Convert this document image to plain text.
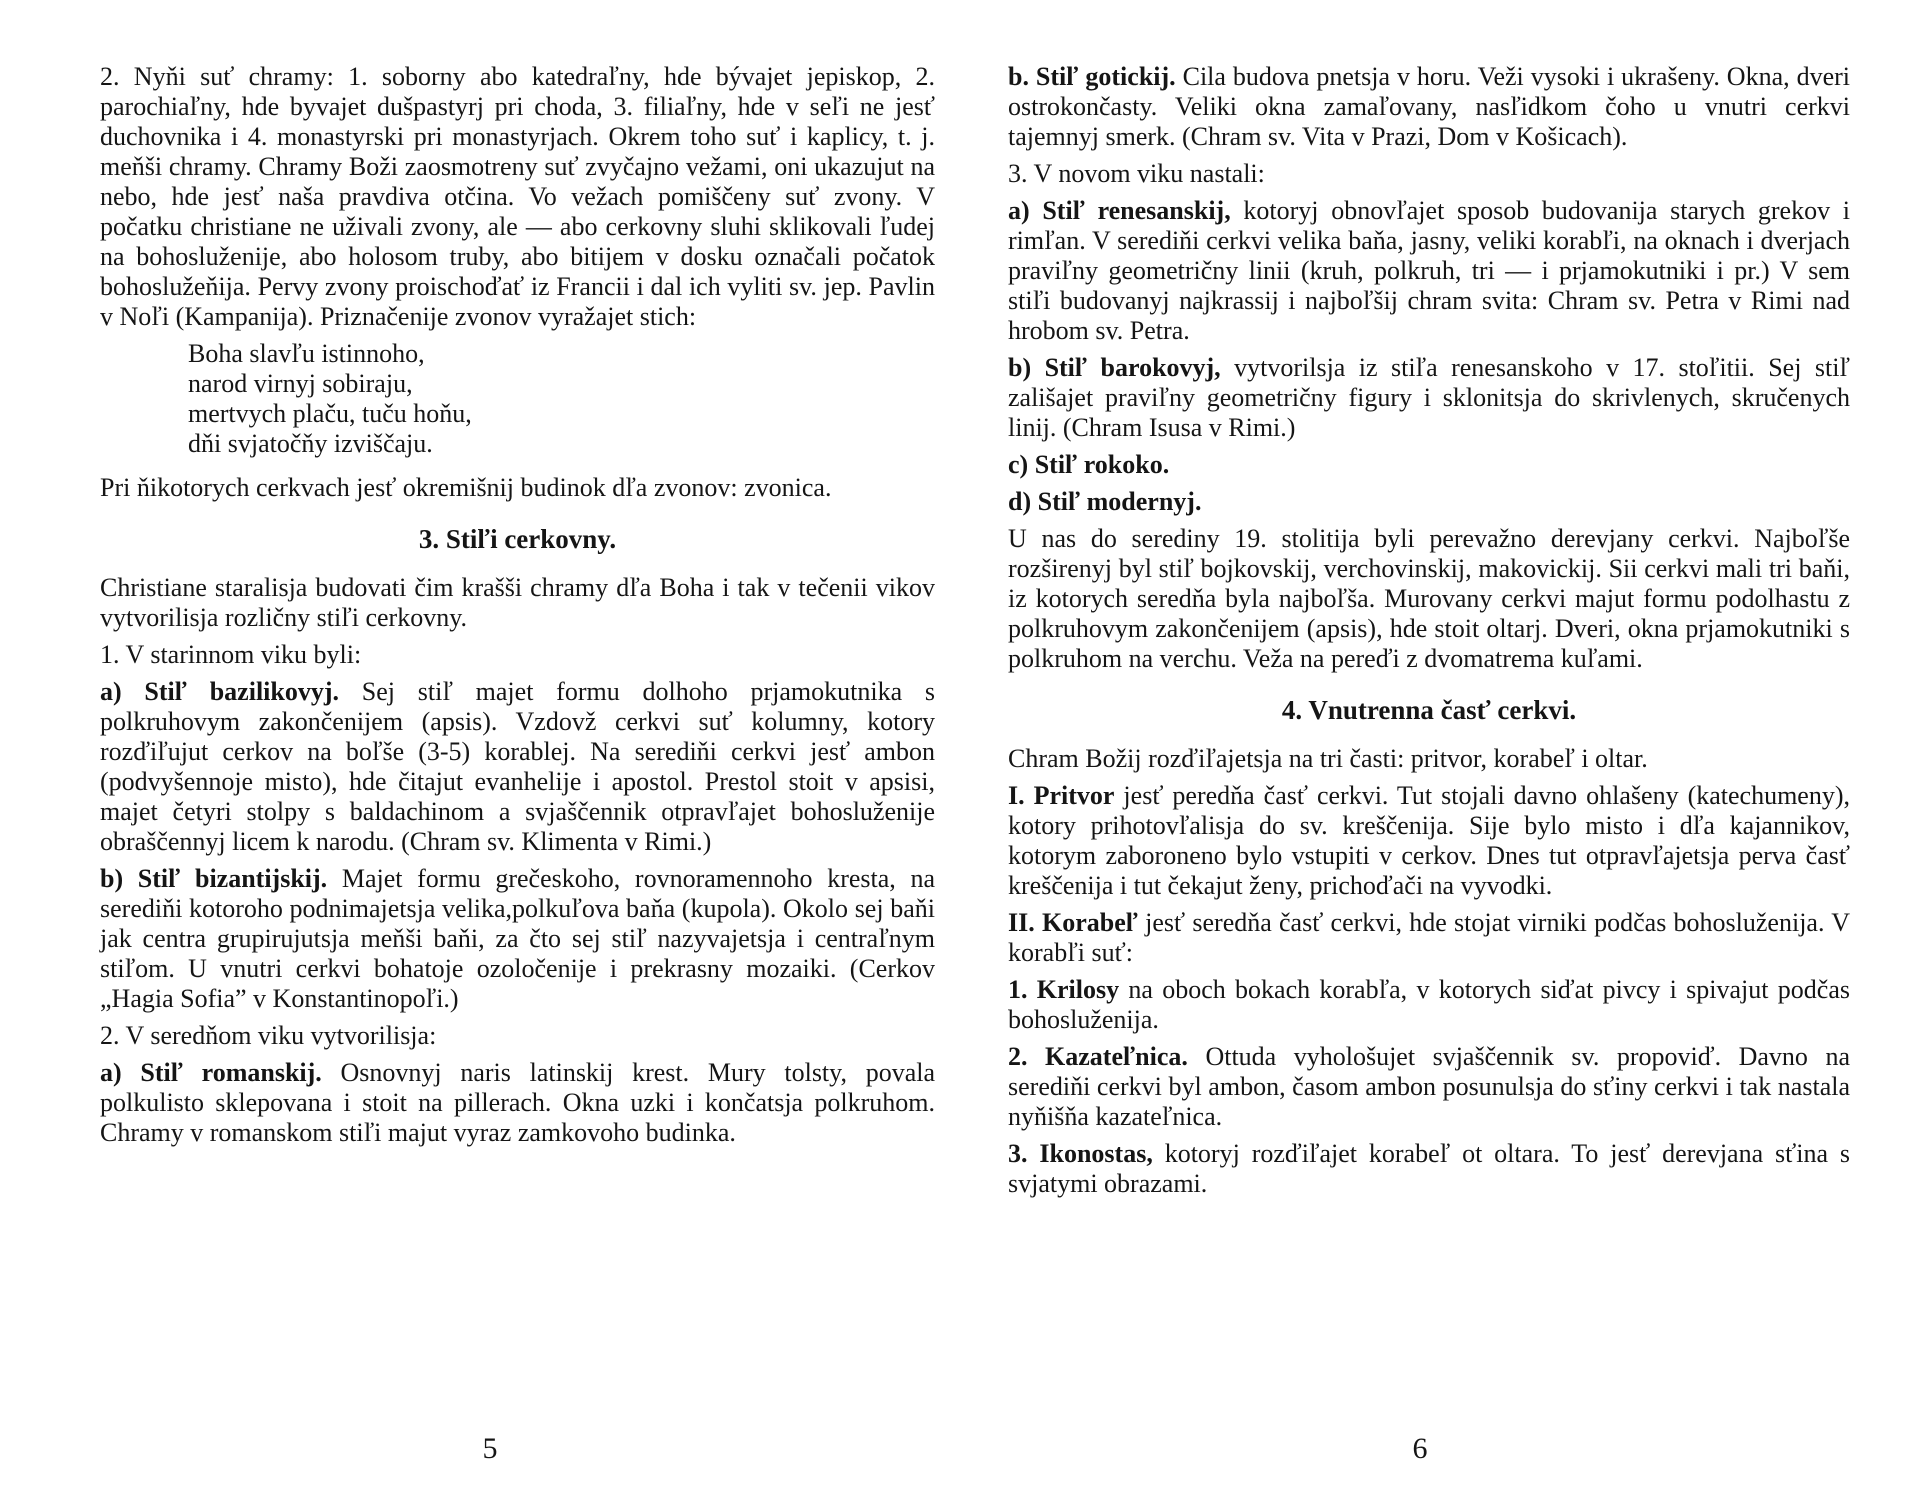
2. Nyňi suť chramy: 1. soborny abo katedraľny, hde bývajet jepiskop, 2. parochiaľny, hde byvajet dušpastyrj pri choda, 3. filiaľny, hde v seľi ne jesť duchovnika i 4. monastyrski pri monastyrjach. Okrem toho suť i kaplicy, t. j. meňši chramy. Chramy Boži zaosmotreny suť zvyčajno vežami, oni ukazujut na nebo, hde jesť naša pravdiva otčina. Vo vežach pomiščeny suť zvony. V počatku christiane ne uživali zvony, ale — abo cerkovny sluhi sklikovali ľudej na bohosluženije, abo holosom truby, abo bitijem v dosku označali počatok bohoslužeňija. Pervy zvony proischoďať iz Francii i dal ich vyliti sv. jep. Pavlin v Noľi (Kampanija). Priznačenije zvonov vyražajet stich:

Boha slavľu istinnoho,
narod virnyj sobiraju,
mertvych plaču, tuču hoňu,
dňi svjatočňy izviščaju.

Pri ňikotorych cerkvach jesť okremišnij budinok dľa zvonov: zvonica.

3. Stiľi cerkovny.

Christiane staralisja budovati čim krašši chramy dľa Boha i tak v tečenii vikov vytvorilisja rozličny stiľi cerkovny.

1. V starinnom viku byli:

a) Stiľ bazilikovyj. Sej stiľ majet formu dolhoho prjamokutnika s polkruhovym zakončenijem (apsis). Vzdovž cerkvi suť kolumny, kotory rozďiľujut cerkov na boľše (3-5) korablej. Na serediňi cerkvi jesť ambon (podvyšennoje misto), hde čitajut evanhelije i apostol. Prestol stoit v apsisi, majet četyri stolpy s baldachinom a svjaščennik otpravľajet bohosluženije obraščennyj licem k narodu. (Chram sv. Klimenta v Rimi.)

b) Stiľ bizantijskij. Majet formu grečeskoho, rovnoramennoho kresta, na serediňi kotoroho podnimajetsja velika,polkuľova baňa (kupola). Okolo sej baňi jak centra grupirujutsja meňši baňi, za čto sej stiľ nazyvajetsja i centraľnym stiľom. U vnutri cerkvi bohatoje ozoločenije i prekrasny mozaiki. (Cerkov „Hagia Sofia” v Konstantinopoľi.)

2. V seredňom viku vytvorilisja:

a) Stiľ romanskij. Osnovnyj naris latinskij krest. Mury tolsty, povala polkulisto sklepovana i stoit na pillerach. Okna uzki i končatsja polkruhom. Chramy v romanskom stiľi majut vyraz zamkovoho budinka.

b. Stiľ gotickij. Cila budova pnetsja v horu. Veži vysoki i ukrašeny. Okna, dveri ostrokončasty. Veliki okna zamaľovany, nasľidkom čoho u vnutri cerkvi tajemnyj smerk. (Chram sv. Vita v Prazi, Dom v Košicach).

3. V novom viku nastali:

a) Stiľ renesanskij, kotoryj obnovľajet sposob budovanija starych grekov i rimľan. V serediňi cerkvi velika baňa, jasny, veliki korabľi, na oknach i dverjach praviľny geometričny linii (kruh, polkruh, tri — i prjamokutniki i pr.) V sem stiľi budovanyj najkrassij i najboľšij chram svita: Chram sv. Petra v Rimi nad hrobom sv. Petra.

b) Stiľ barokovyj, vytvorilsja iz stiľa renesanskoho v 17. stoľitii. Sej stiľ zališajet praviľny geometričny figury i sklonitsja do skrivlenych, skručenych linij. (Chram Isusa v Rimi.)

c) Stiľ rokoko.

d) Stiľ modernyj.

U nas do serediny 19. stolitija byli perevažno derevjany cerkvi. Najboľše rozširenyj byl stiľ bojkovskij, verchovinskij, makovickij. Sii cerkvi mali tri baňi, iz kotorych seredňa byla najboľša. Murovany cerkvi majut formu podolhastu z polkruhovym zakončenijem (apsis), hde stoit oltarj. Dveri, okna prjamokutniki s polkruhom na verchu. Veža na pereďi z dvomatrema kuľami.

4. Vnutrenna časť cerkvi.

Chram Božij rozďiľajetsja na tri časti: pritvor, korabeľ i oltar.

I. Pritvor jesť peredňa časť cerkvi. Tut stojali davno ohlašeny (katechumeny), kotory prihotovľalisja do sv. kreščenija. Sije bylo misto i dľa kajannikov, kotorym zaboroneno bylo vstupiti v cerkov. Dnes tut otpravľajetsja perva časť kreščenija i tut čekajut ženy, prichoďači na vyvodki.

II. Korabeľ jesť seredňa časť cerkvi, hde stojat virniki podčas bohosluženija. V korabľi suť:

1. Krilosy na oboch bokach korabľa, v kotorych siďat pivcy i spivajut podčas bohosluženija.

2. Kazateľnica. Ottuda vyhološujet svjaščennik sv. propoviď. Davno na serediňi cerkvi byl ambon, časom ambon posunulsja do sťiny cerkvi i tak nastala nyňišňa kazateľnica.

3. Ikonostas, kotoryj rozďiľajet korabeľ ot oltara. To jesť derevjana sťina s svjatymi obrazami.

5	6
